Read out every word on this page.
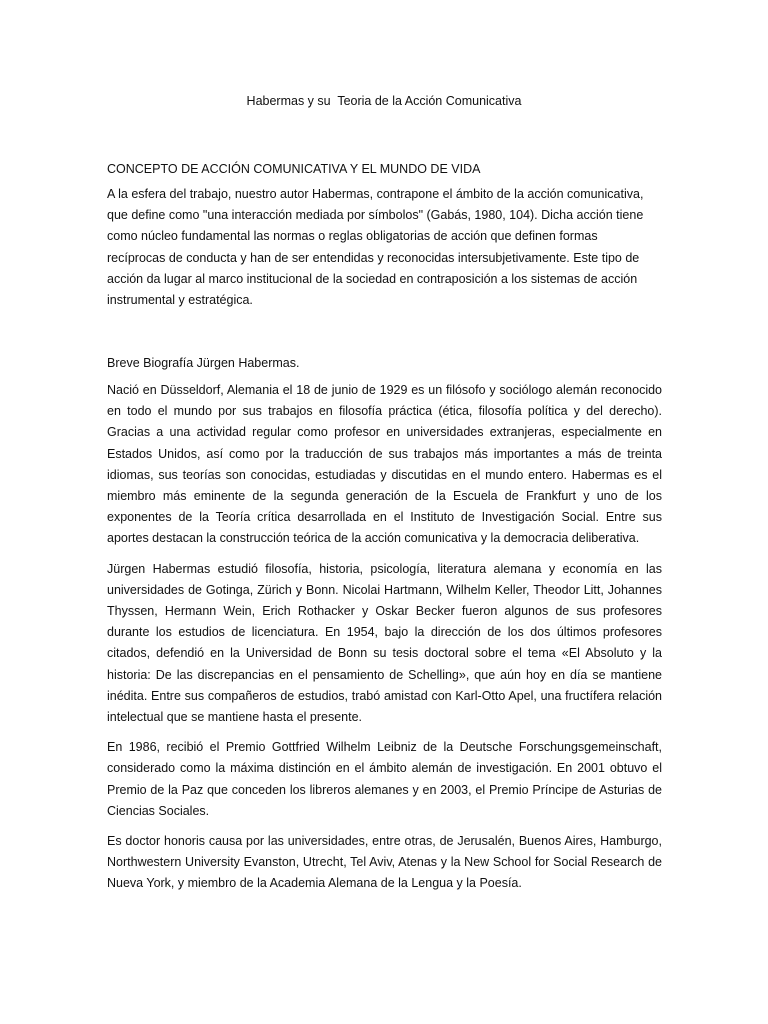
Habermas y su  Teoria de la Acción Comunicativa

CONCEPTO DE ACCIÓN COMUNICATIVA Y EL MUNDO DE VIDA

A la esfera del trabajo, nuestro autor Habermas, contrapone el ámbito de la acción comunicativa, que define como "una interacción mediada por símbolos" (Gabás, 1980, 104). Dicha acción tiene como núcleo fundamental las normas o reglas obligatorias de acción que definen formas recíprocas de conducta y han de ser entendidas y reconocidas intersubjetivamente. Este tipo de acción da lugar al marco institucional de la sociedad en contraposición a los sistemas de acción instrumental y estratégica.

Breve Biografía Jürgen Habermas.

Nació en Düsseldorf, Alemania el 18 de junio de 1929 es un filósofo y sociólogo alemán reconocido en todo el mundo por sus trabajos en filosofía práctica (ética, filosofía política y del derecho). Gracias a una actividad regular como profesor en universidades extranjeras, especialmente en Estados Unidos, así como por la traducción de sus trabajos más importantes a más de treinta idiomas, sus teorías son conocidas, estudiadas y discutidas en el mundo entero. Habermas es el miembro más eminente de la segunda generación de la Escuela de Frankfurt y uno de los exponentes de la Teoría crítica desarrollada en el Instituto de Investigación Social. Entre sus aportes destacan la construcción teórica de la acción comunicativa y la democracia deliberativa.

Jürgen Habermas estudió filosofía, historia, psicología, literatura alemana y economía en las universidades de Gotinga, Zürich y Bonn. Nicolai Hartmann, Wilhelm Keller, Theodor Litt, Johannes Thyssen, Hermann Wein, Erich Rothacker y Oskar Becker fueron algunos de sus profesores durante los estudios de licenciatura. En 1954, bajo la dirección de los dos últimos profesores citados, defendió en la Universidad de Bonn su tesis doctoral sobre el tema «El Absoluto y la historia: De las discrepancias en el pensamiento de Schelling», que aún hoy en día se mantiene inédita. Entre sus compañeros de estudios, trabó amistad con Karl-Otto Apel, una fructífera relación intelectual que se mantiene hasta el presente.

En 1986, recibió el Premio Gottfried Wilhelm Leibniz de la Deutsche Forschungsgemeinschaft, considerado como la máxima distinción en el ámbito alemán de investigación. En 2001 obtuvo el Premio de la Paz que conceden los libreros alemanes y en 2003, el Premio Príncipe de Asturias de Ciencias Sociales.

Es doctor honoris causa por las universidades, entre otras, de Jerusalén, Buenos Aires, Hamburgo, Northwestern University Evanston, Utrecht, Tel Aviv, Atenas y la New School for Social Research de Nueva York, y miembro de la Academia Alemana de la Lengua y la Poesía.
